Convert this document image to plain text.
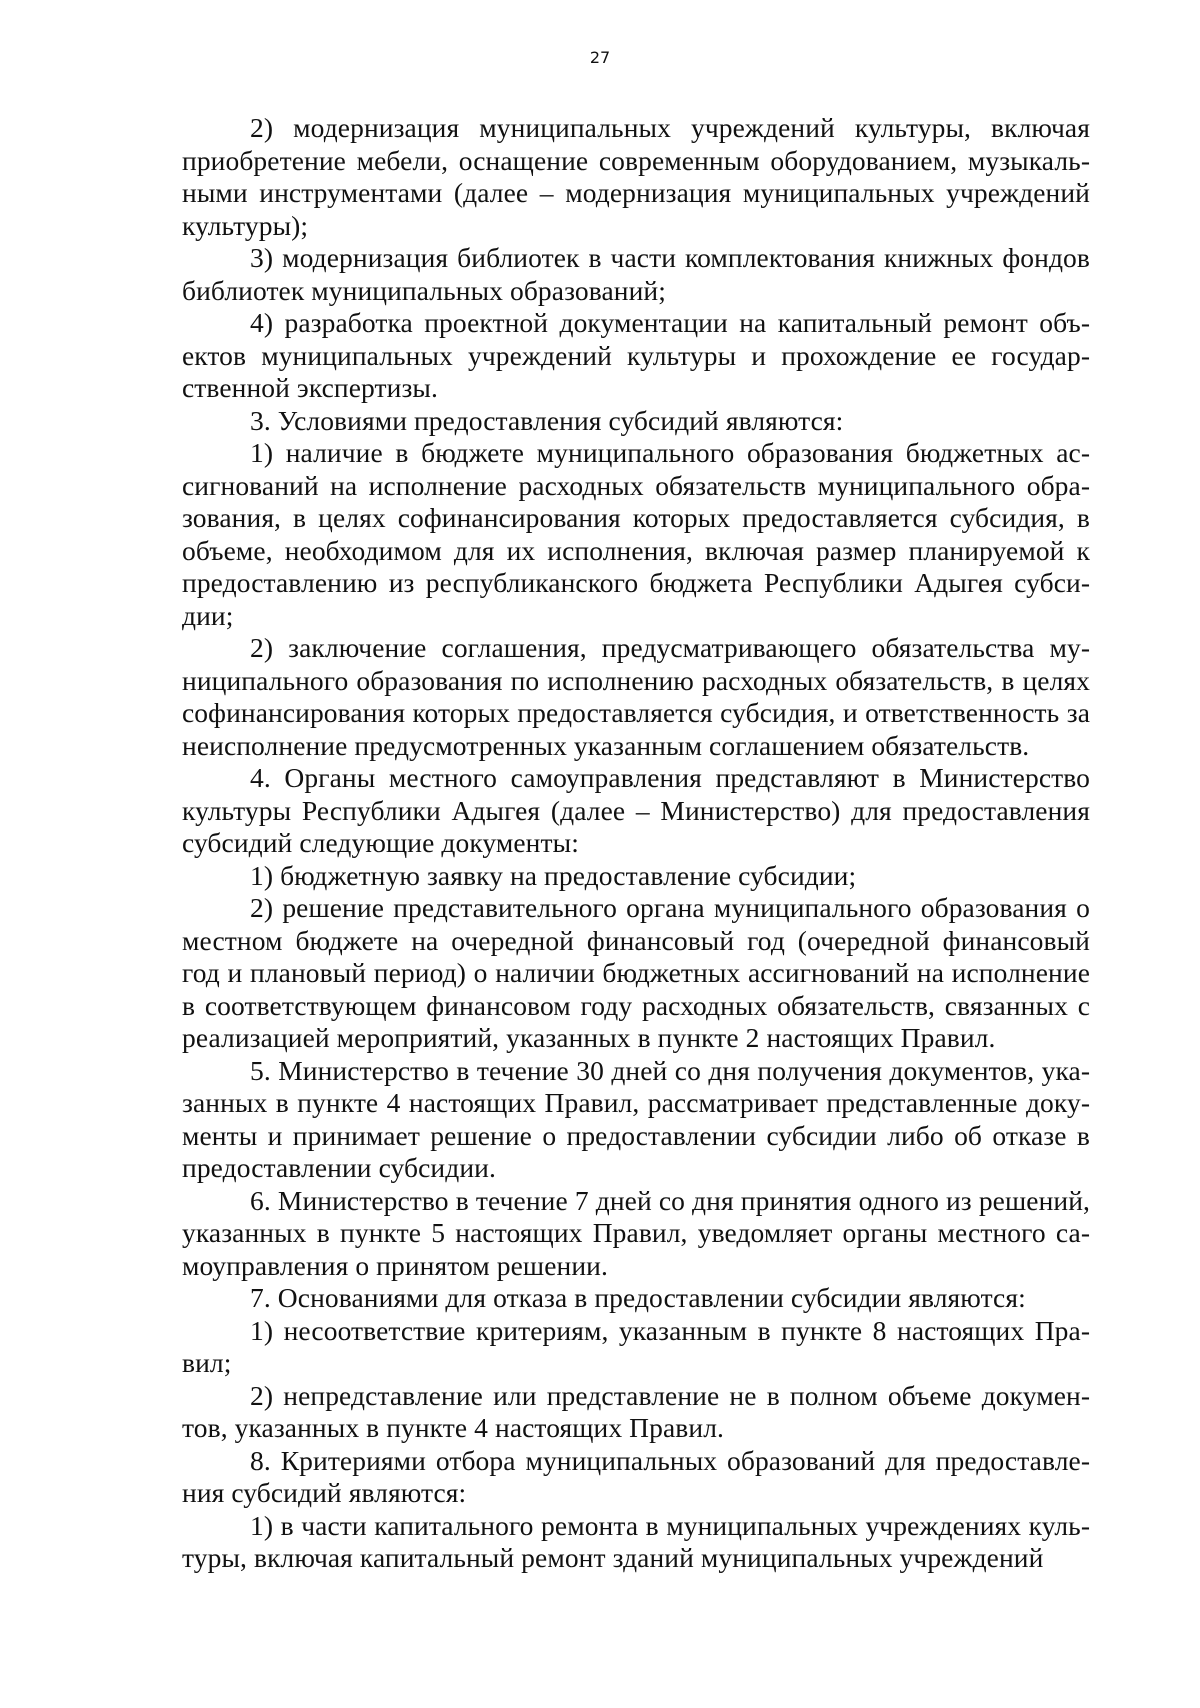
27

2) модернизация муниципальных учреждений культуры, включая приобретение мебели, оснащение современным оборудованием, музыкальными инструментами (далее – модернизация муниципальных учреждений культуры);

3) модернизация библиотек в части комплектования книжных фондов библиотек муниципальных образований;

4) разработка проектной документации на капитальный ремонт объектов муниципальных учреждений культуры и прохождение ее государственной экспертизы.

3. Условиями предоставления субсидий являются:

1) наличие в бюджете муниципального образования бюджетных ассигнований на исполнение расходных обязательств муниципального образования, в целях софинансирования которых предоставляется субсидия, в объеме, необходимом для их исполнения, включая размер планируемой к предоставлению из республиканского бюджета Республики Адыгея субсидии;

2) заключение соглашения, предусматривающего обязательства муниципального образования по исполнению расходных обязательств, в целях софинансирования которых предоставляется субсидия, и ответственность за неисполнение предусмотренных указанным соглашением обязательств.

4. Органы местного самоуправления представляют в Министерство культуры Республики Адыгея (далее – Министерство) для предоставления субсидий следующие документы:

1) бюджетную заявку на предоставление субсидии;

2) решение представительного органа муниципального образования о местном бюджете на очередной финансовый год (очередной финансовый год и плановый период) о наличии бюджетных ассигнований на исполнение в соответствующем финансовом году расходных обязательств, связанных с реализацией мероприятий, указанных в пункте 2 настоящих Правил.

5. Министерство в течение 30 дней со дня получения документов, указанных в пункте 4 настоящих Правил, рассматривает представленные документы и принимает решение о предоставлении субсидии либо об отказе в предоставлении субсидии.

6. Министерство в течение 7 дней со дня принятия одного из решений, указанных в пункте 5 настоящих Правил, уведомляет органы местного самоуправления о принятом решении.

7. Основаниями для отказа в предоставлении субсидии являются:

1) несоответствие критериям, указанным в пункте 8 настоящих Правил;

2) непредставление или представление не в полном объеме документов, указанных в пункте 4 настоящих Правил.

8. Критериями отбора муниципальных образований для предоставления субсидий являются:

1) в части капитального ремонта в муниципальных учреждениях культуры, включая капитальный ремонт зданий муниципальных учреждений
